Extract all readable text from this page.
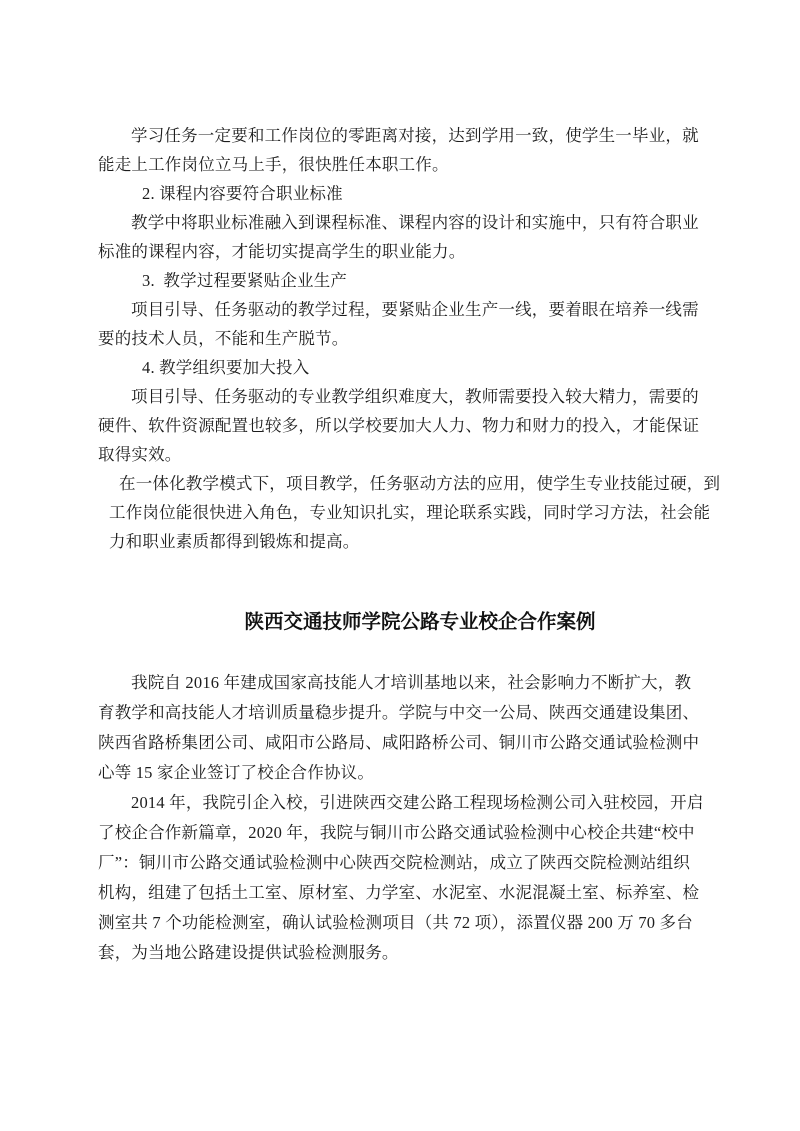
学习任务一定要和工作岗位的零距离对接，达到学用一致，使学生一毕业，就
能走上工作岗位立马上手，很快胜任本职工作。
2. 课程内容要符合职业标准
教学中将职业标准融入到课程标准、课程内容的设计和实施中，只有符合职业
标准的课程内容，才能切实提高学生的职业能力。
3.  教学过程要紧贴企业生产
项目引导、任务驱动的教学过程，要紧贴企业生产一线，要着眼在培养一线需
要的技术人员，不能和生产脱节。
4. 教学组织要加大投入
项目引导、任务驱动的专业教学组织难度大，教师需要投入较大精力，需要的
硬件、软件资源配置也较多，所以学校要加大人力、物力和财力的投入，才能保证
取得实效。
在一体化教学模式下，项目教学，任务驱动方法的应用，使学生专业技能过硬，到
工作岗位能很快进入角色，专业知识扎实，理论联系实践，同时学习方法，社会能
力和职业素质都得到锻炼和提高。
陕西交通技师学院公路专业校企合作案例
我院自 2016 年建成国家高技能人才培训基地以来，社会影响力不断扩大，教
育教学和高技能人才培训质量稳步提升。学院与中交一公局、陕西交通建设集团、
陕西省路桥集团公司、咸阳市公路局、咸阳路桥公司、铜川市公路交通试验检测中
心等 15 家企业签订了校企合作协议。
2014 年，我院引企入校，引进陕西交建公路工程现场检测公司入驻校园，开启
了校企合作新篇章，2020 年，我院与铜川市公路交通试验检测中心校企共建“校中
厂”：铜川市公路交通试验检测中心陕西交院检测站，成立了陕西交院检测站组织
机构，组建了包括土工室、原材室、力学室、水泥室、水泥混凝土室、标养室、检
测室共 7 个功能检测室，确认试验检测项目（共 72 项），添置仪器 200 万 70 多台
套，为当地公路建设提供试验检测服务。
